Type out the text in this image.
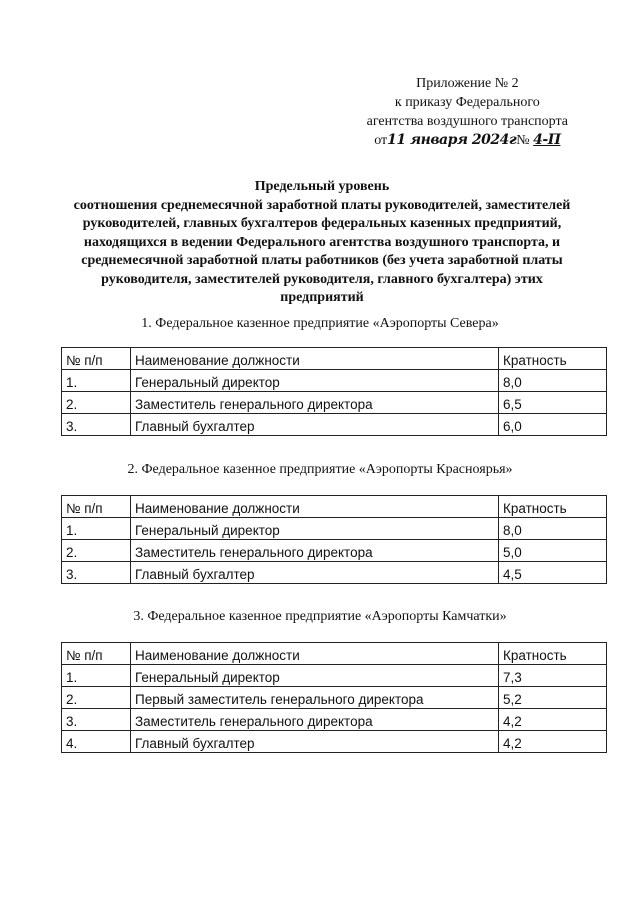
Приложение № 2
к приказу Федерального
агентства воздушного транспорта
от11 января 2024г№ 4-П
Предельный уровень
соотношения среднемесячной заработной платы руководителей, заместителей
руководителей, главных бухгалтеров федеральных казенных предприятий,
находящихся в ведении Федерального агентства воздушного транспорта, и
среднемесячной заработной платы работников (без учета заработной платы
руководителя, заместителей руководителя, главного бухгалтера) этих
предприятий
1. Федеральное казенное предприятие «Аэропорты Севера»
№ п/п	Наименование должности	Кратность
1.	Генеральный директор	8,0
2.	Заместитель генерального директора	6,5
3.	Главный бухгалтер	6,0
2. Федеральное казенное предприятие «Аэропорты Красноярья»
№ п/п	Наименование должности	Кратность
1.	Генеральный директор	8,0
2.	Заместитель генерального директора	5,0
3.	Главный бухгалтер	4,5
3. Федеральное казенное предприятие «Аэропорты Камчатки»
№ п/п	Наименование должности	Кратность
1.	Генеральный директор	7,3
2.	Первый заместитель генерального директора	5,2
3.	Заместитель генерального директора	4,2
4.	Главный бухгалтер	4,2
